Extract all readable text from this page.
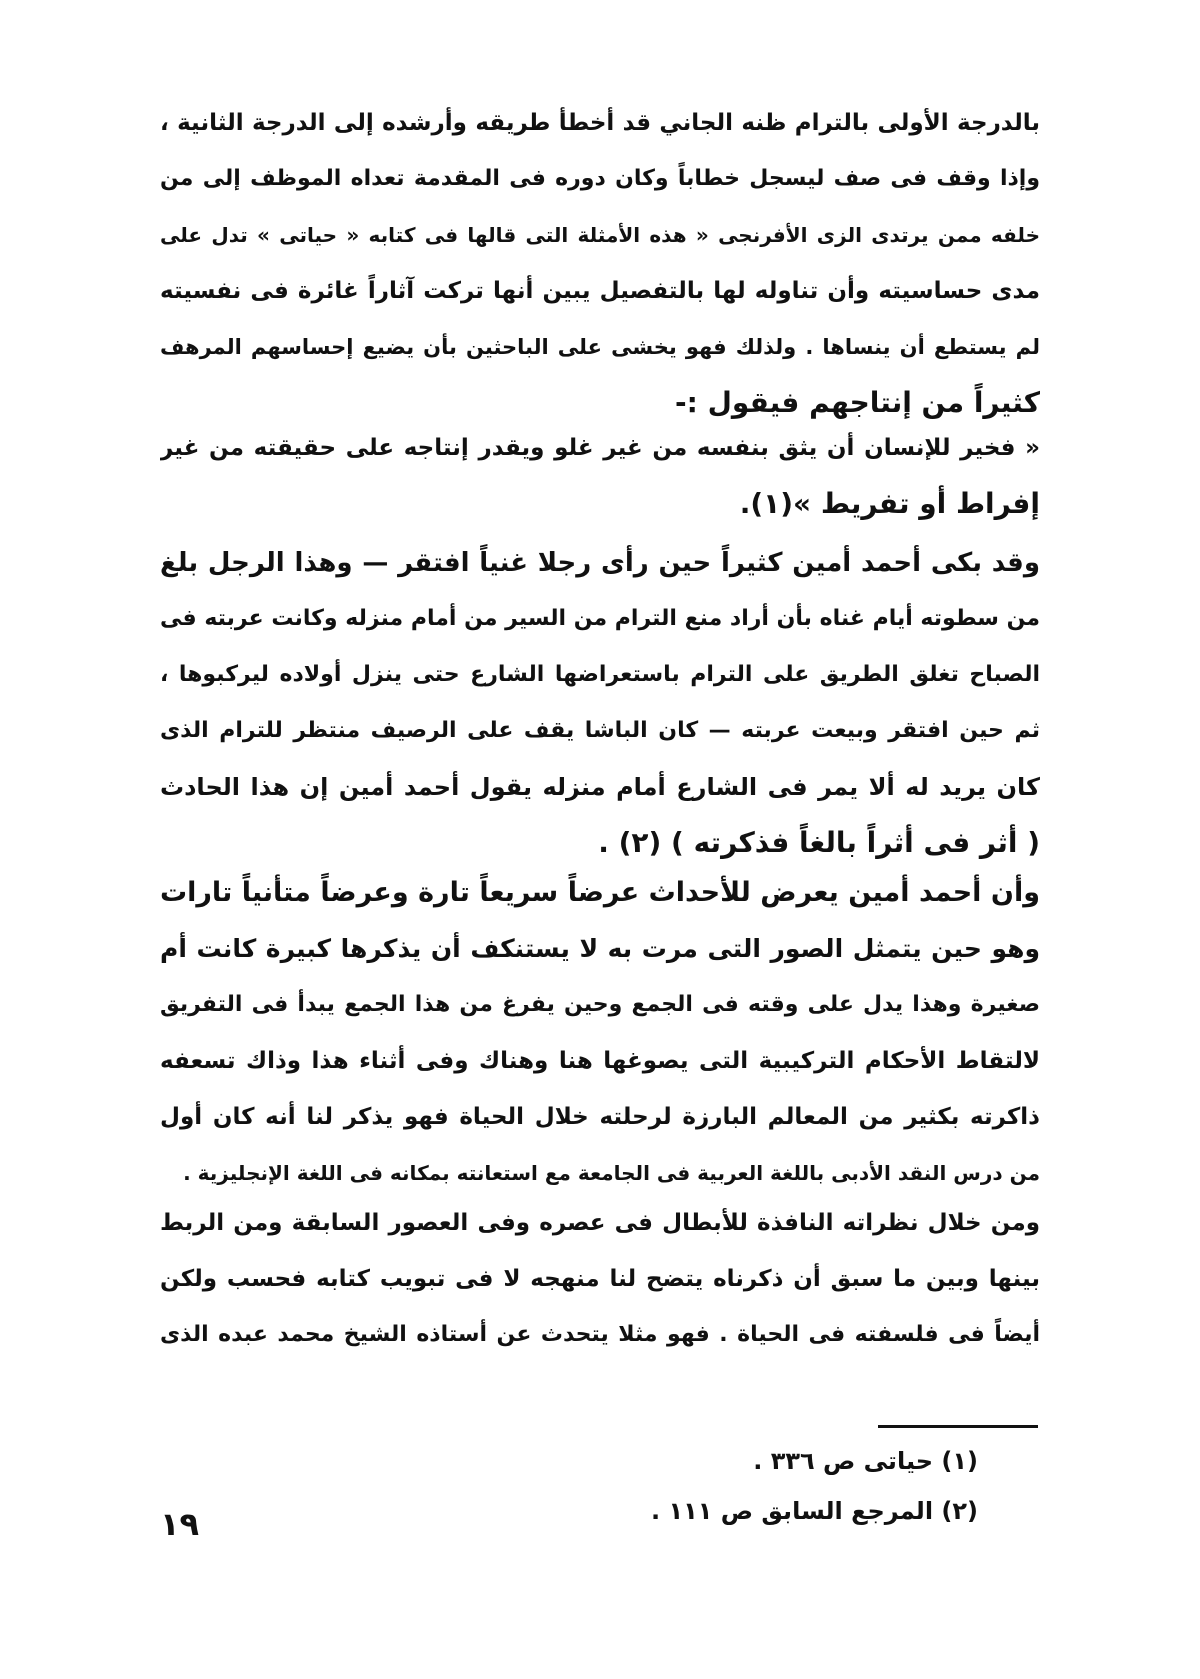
بالدرجة الأولى بالترام ظنه الجاني قد أخطأ طريقه وأرشده إلى الدرجة الثانية ،
وإذا وقف فى صف ليسجل خطاباً وكان دوره فى المقدمة تعداه الموظف إلى من
خلفه ممن يرتدى الزى الأفرنجى « هذه الأمثلة التى قالها فى كتابه « حياتى » تدل على
مدى حساسيته وأن تناوله لها بالتفصيل يبين أنها تركت آثاراً غائرة فى نفسيته
لم يستطع أن ينساها . ولذلك فهو يخشى على الباحثين بأن يضيع إحساسهم المرهف
كثيراً من إنتاجهم فيقول :-
« فخير للإنسان أن يثق بنفسه من غير غلو ويقدر إنتاجه على حقيقته من غير
إفراط أو تفريط »(١).
وقد بكى أحمد أمين كثيراً حين رأى رجلا غنياً افتقر — وهذا الرجل بلغ
من سطوته أيام غناه بأن أراد منع الترام من السير من أمام منزله وكانت عربته فى
الصباح تغلق الطريق على الترام باستعراضها الشارع حتى ينزل أولاده ليركبوها ،
ثم حين افتقر وبيعت عربته — كان الباشا يقف على الرصيف منتظر للترام الذى
كان يريد له ألا يمر فى الشارع أمام منزله يقول أحمد أمين إن هذا الحادث
( أثر فى أثراً بالغاً فذكرته ) (٢) .
وأن أحمد أمين يعرض للأحداث عرضاً سريعاً تارة وعرضاً متأنياً تارات
وهو حين يتمثل الصور التى مرت به لا يستنكف أن يذكرها كبيرة كانت أم
صغيرة وهذا يدل على وقته فى الجمع وحين يفرغ من هذا الجمع يبدأ فى التفريق
لالتقاط الأحكام التركيبية التى يصوغها هنا وهناك وفى أثناء هذا وذاك تسعفه
ذاكرته بكثير من المعالم البارزة لرحلته خلال الحياة فهو يذكر لنا أنه كان أول
من درس النقد الأدبى باللغة العربية فى الجامعة مع استعانته بمكانه فى اللغة الإنجليزية .
ومن خلال نظراته النافذة للأبطال فى عصره وفى العصور السابقة ومن الربط
بينها وبين ما سبق أن ذكرناه يتضح لنا منهجه لا فى تبويب كتابه فحسب ولكن
أيضاً فى فلسفته فى الحياة . فهو مثلا يتحدث عن أستاذه الشيخ محمد عبده الذى
(١) حياتى ص ٣٣٦ .
(٢) المرجع السابق ص ١١١ .
١٩
